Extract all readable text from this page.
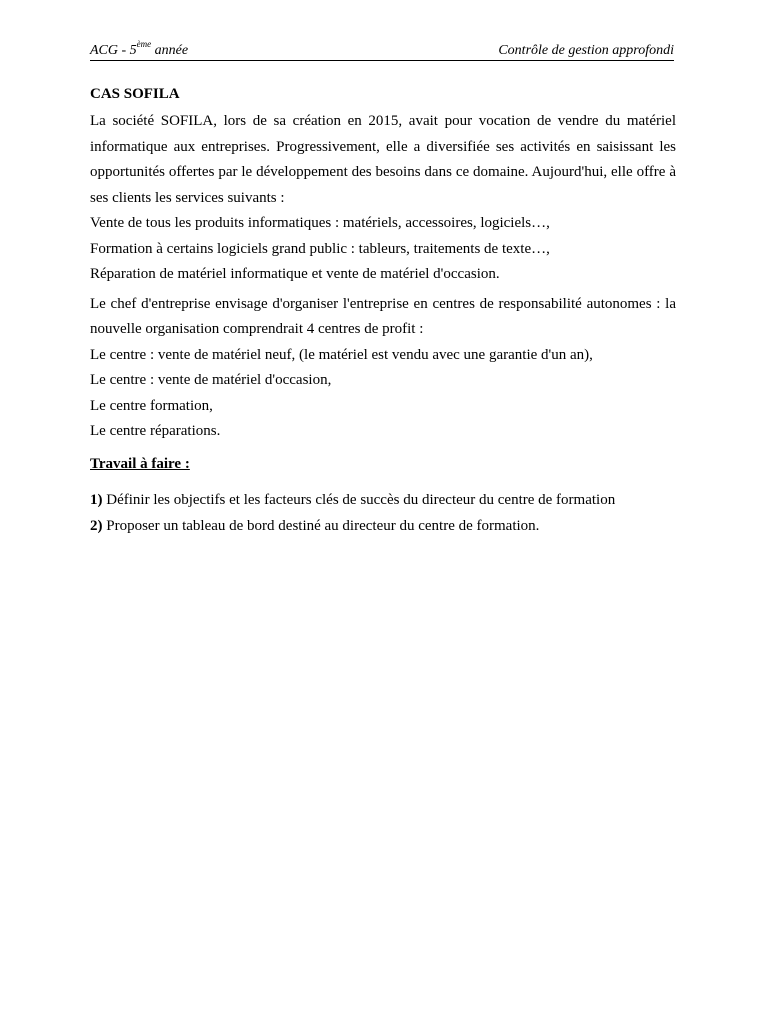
ACG - 5ème année	Contrôle de gestion approfondi

CAS SOFILA

La société SOFILA, lors de sa création en 2015, avait pour vocation de vendre du matériel informatique aux entreprises. Progressivement, elle a diversifiée ses activités en saisissant les opportunités offertes par le développement des besoins dans ce domaine. Aujourd'hui, elle offre à ses clients les services suivants :

Vente de tous les produits informatiques : matériels, accessoires, logiciels…,

Formation à certains logiciels grand public : tableurs, traitements de texte…,

Réparation de matériel informatique et vente de matériel d'occasion.

Le chef d'entreprise envisage d'organiser l'entreprise en centres de responsabilité autonomes : la nouvelle organisation comprendrait 4 centres de profit :

Le centre : vente de matériel neuf, (le matériel est vendu avec une garantie d'un an),

Le centre : vente de matériel d'occasion,

Le centre formation,

Le centre réparations.

Travail à faire :

1) Définir les objectifs et les facteurs clés de succès du directeur du centre de formation

2) Proposer un tableau de bord destiné au directeur du centre de formation.
